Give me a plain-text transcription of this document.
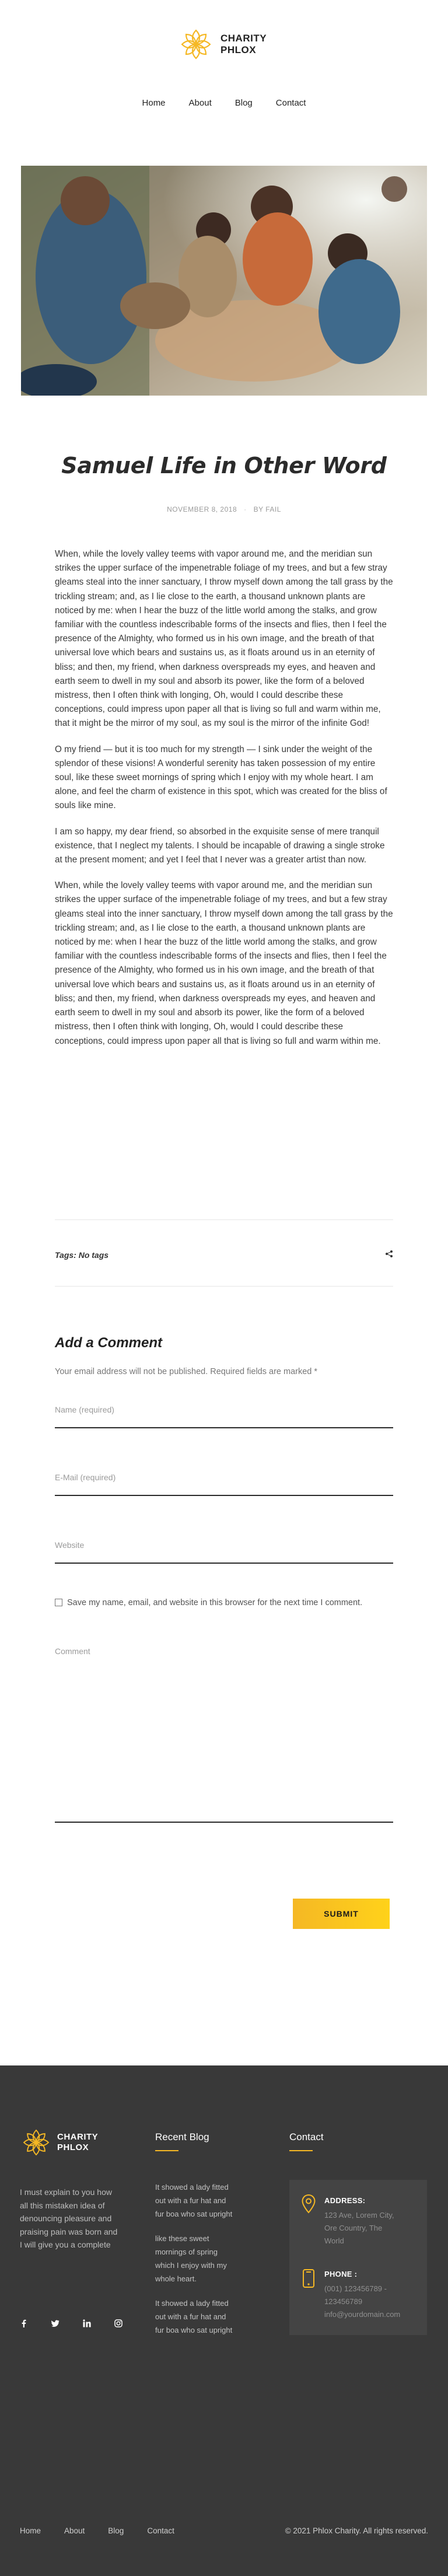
CHARITY
PHLOX
Home	About	Blog	Contact
Samuel Life in Other Word
NOVEMBER 8, 2018 · BY FAIL

When, while the lovely valley teems with vapor around me, and the meridian sun strikes the upper surface of the impenetrable foliage of my trees, and but a few stray gleams steal into the inner sanctuary, I throw myself down among the tall grass by the trickling stream; and, as I lie close to the earth, a thousand unknown plants are noticed by me: when I hear the buzz of the little world among the stalks, and grow familiar with the countless indescribable forms of the insects and flies, then I feel the presence of the Almighty, who formed us in his own image, and the breath of that universal love which bears and sustains us, as it floats around us in an eternity of bliss; and then, my friend, when darkness overspreads my eyes, and heaven and earth seem to dwell in my soul and absorb its power, like the form of a beloved mistress, then I often think with longing, Oh, would I could describe these conceptions, could impress upon paper all that is living so full and warm within me, that it might be the mirror of my soul, as my soul is the mirror of the infinite God!

O my friend — but it is too much for my strength — I sink under the weight of the splendor of these visions! A wonderful serenity has taken possession of my entire soul, like these sweet mornings of spring which I enjoy with my whole heart. I am alone, and feel the charm of existence in this spot, which was created for the bliss of souls like mine.

I am so happy, my dear friend, so absorbed in the exquisite sense of mere tranquil existence, that I neglect my talents. I should be incapable of drawing a single stroke at the present moment; and yet I feel that I never was a greater artist than now.

When, while the lovely valley teems with vapor around me, and the meridian sun strikes the upper surface of the impenetrable foliage of my trees, and but a few stray gleams steal into the inner sanctuary, I throw myself down among the tall grass by the trickling stream; and, as I lie close to the earth, a thousand unknown plants are noticed by me: when I hear the buzz of the little world among the stalks, and grow familiar with the countless indescribable forms of the insects and flies, then I feel the presence of the Almighty, who formed us in his own image, and the breath of that universal love which bears and sustains us, as it floats around us in an eternity of bliss; and then, my friend, when darkness overspreads my eyes, and heaven and earth seem to dwell in my soul and absorb its power, like the form of a beloved mistress, then I often think with longing, Oh, would I could describe these conceptions, could impress upon paper all that is living so full and warm within me.

Tags: No tags
Add a Comment

Your email address will not be published. Required fields are marked *

Name (required)
E-Mail (required)
Website
Save my name, email, and website in this browser for the next time I comment.
Comment
SUBMIT
CHARITY
PHLOX

I must explain to you how all this mistaken idea of denouncing pleasure and praising pain was born and I will give you a complete

Recent Blog

It showed a lady fitted out with a fur hat and fur boa who sat upright

like these sweet mornings of spring which I enjoy with my whole heart.

It showed a lady fitted out with a fur hat and fur boa who sat upright

Contact
ADDRESS:
123 Ave, Lorem City, Ore Country, The World
PHONE :
(001) 123456789 - 123456789 info@yourdomain.com
Home	About	Blog	Contact	© 2021 Phlox Charity. All rights reserved.
